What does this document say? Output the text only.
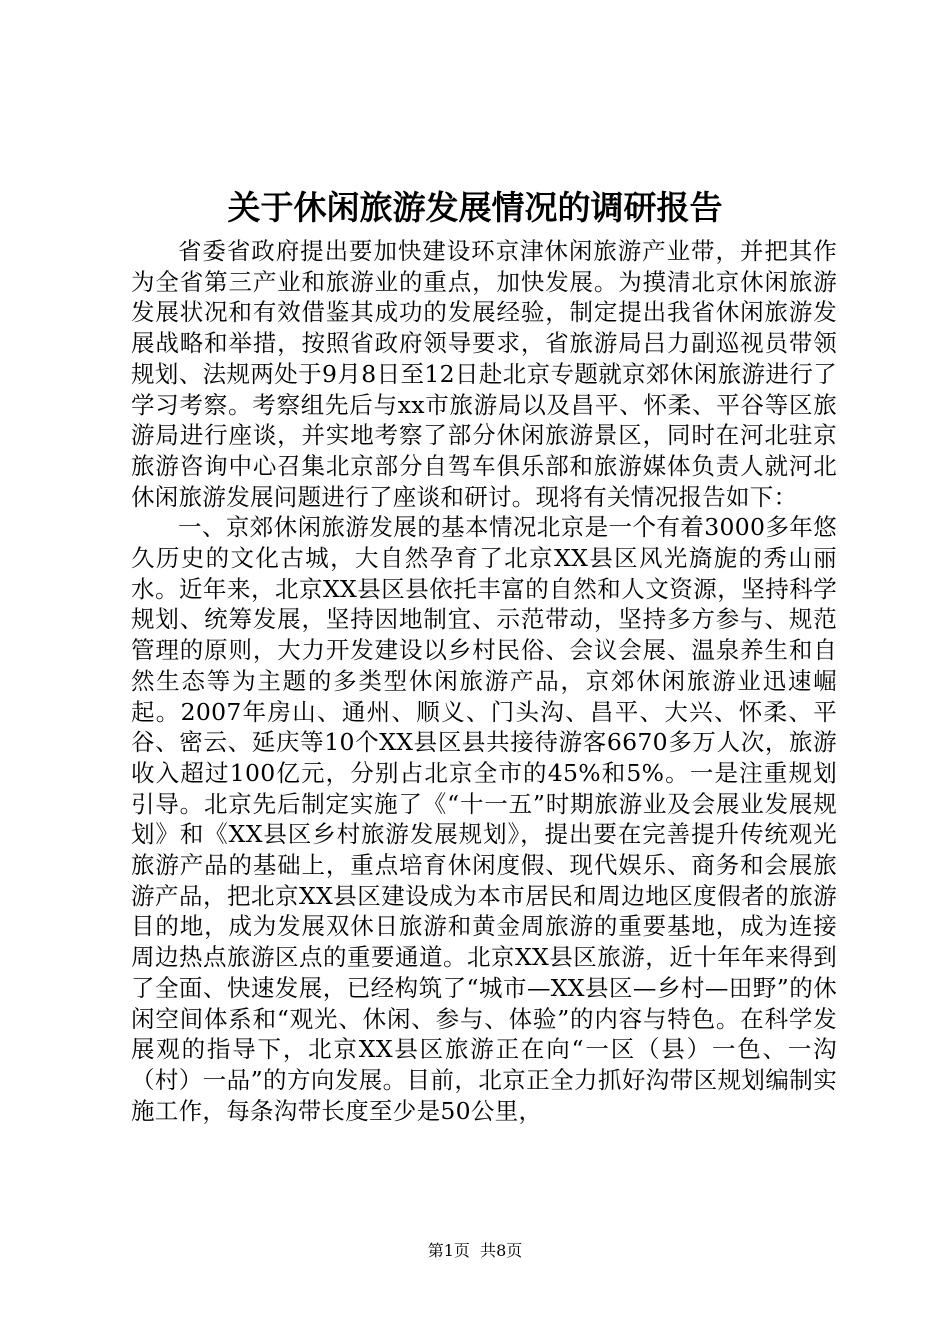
关于休闲旅游发展情况的调研报告

省委省政府提出要加快建设环京津休闲旅游产业带，并把其作为全省第三产业和旅游业的重点，加快发展。为摸清北京休闲旅游发展状况和有效借鉴其成功的发展经验，制定提出我省休闲旅游发展战略和举措，按照省政府领导要求，省旅游局吕力副巡视员带领规划、法规两处于9月8日至12日赴北京专题就京郊休闲旅游进行了学习考察。考察组先后与xx市旅游局以及昌平、怀柔、平谷等区旅游局进行座谈，并实地考察了部分休闲旅游景区，同时在河北驻京旅游咨询中心召集北京部分自驾车俱乐部和旅游媒体负责人就河北休闲旅游发展问题进行了座谈和研讨。现将有关情况报告如下：

一、京郊休闲旅游发展的基本情况北京是一个有着3000多年悠久历史的文化古城，大自然孕育了北京XX县区风光旖旎的秀山丽水。近年来，北京XX县区县依托丰富的自然和人文资源，坚持科学规划、统筹发展，坚持因地制宜、示范带动，坚持多方参与、规范管理的原则，大力开发建设以乡村民俗、会议会展、温泉养生和自然生态等为主题的多类型休闲旅游产品，京郊休闲旅游业迅速崛起。2007年房山、通州、顺义、门头沟、昌平、大兴、怀柔、平谷、密云、延庆等10个XX县区县共接待游客6670多万人次，旅游收入超过100亿元，分别占北京全市的45%和5%。一是注重规划引导。北京先后制定实施了《“十一五”时期旅游业及会展业发展规划》和《XX县区乡村旅游发展规划》，提出要在完善提升传统观光旅游产品的基础上，重点培育休闲度假、现代娱乐、商务和会展旅游产品，把北京XX县区建设成为本市居民和周边地区度假者的旅游目的地，成为发展双休日旅游和黄金周旅游的重要基地，成为连接周边热点旅游区点的重要通道。北京XX县区旅游，近十年年来得到了全面、快速发展，已经构筑了“城市—XX县区—乡村—田野”的休闲空间体系和“观光、休闲、参与、体验”的内容与特色。在科学发展观的指导下，北京XX县区旅游正在向“一区（县）一色、一沟（村）一品”的方向发展。目前，北京正全力抓好沟带区规划编制实施工作，每条沟带长度至少是50公里，

第1页 共8页
